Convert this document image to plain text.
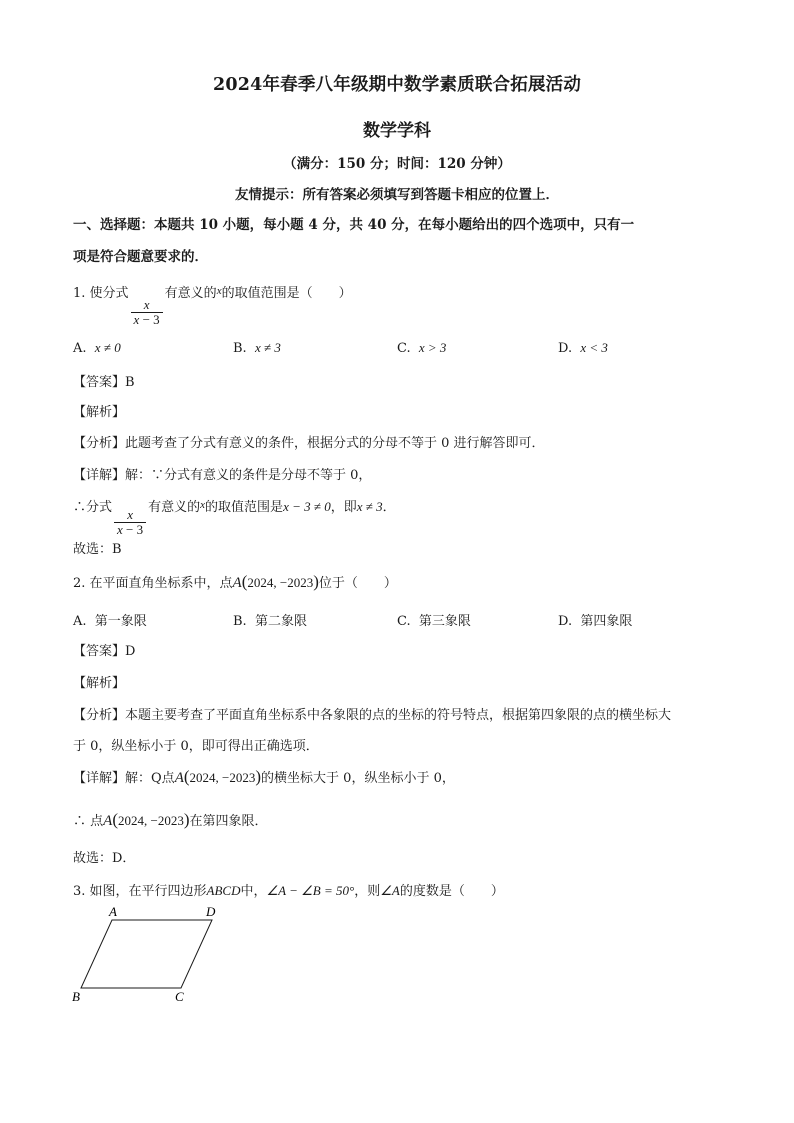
2024年春季八年级期中数学素质联合拓展活动
数学学科
（满分：150 分；时间：120 分钟）
友情提示：所有答案必须填写到答题卡相应的位置上．
一、选择题：本题共 10 小题，每小题 4 分，共 40 分，在每小题给出的四个选项中，只有一
项是符合题意要求的．
1. 使分式
$\frac{x}{x - 3}$
有意义的$^x$的取值范围是（　　）
A. x ≠ 0	B. x ≠ 3	C. x > 3	D. x < 3
【答案】B
【解析】
【分析】此题考查了分式有意义的条件，根据分式的分母不等于 0 进行解答即可．
【详解】解：∵分式有意义的条件是分母不等于 0，
∴分式
$\frac{x}{x - 3}$
有意义的$^x$的取值范围是x − 3 ≠ 0，即x ≠ 3．
故选：B
2. 在平面直角坐标系中，点A(2024, −2023)位于（　　）
A. 第一象限	B. 第二象限	C. 第三象限	D. 第四象限
【答案】D
【解析】
【分析】本题主要考查了平面直角坐标系中各象限的点的坐标的符号特点，根据第四象限的点的横坐标大
于 0，纵坐标小于 0，即可得出正确选项．
【详解】解：Q点A(2024, −2023)的横坐标大于 0，纵坐标小于 0，
∴ 点A(2024, −2023)在第四象限．
故选：D．
3. 如图，在平行四边形ABCD中，∠A − ∠B = 50°，则∠A的度数是（　　）
A	D
B	C
